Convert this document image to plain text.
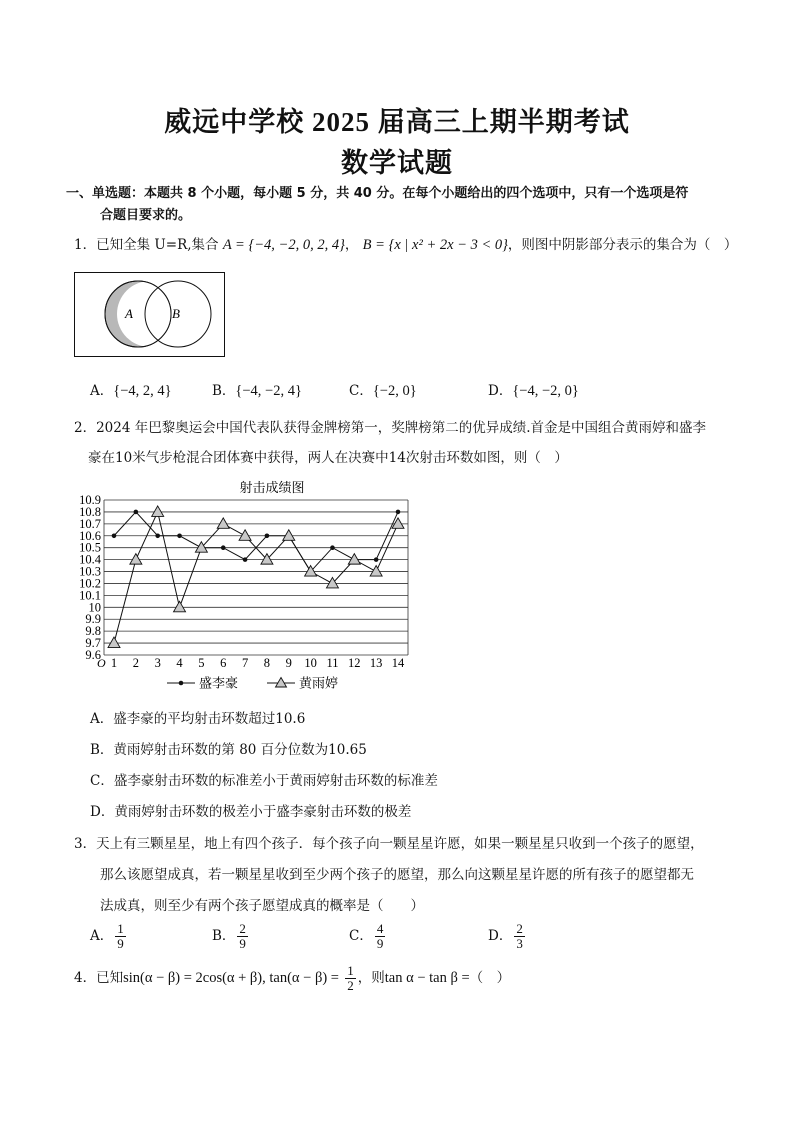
威远中学校 2025 届高三上期半期考试
数学试题
一、单选题：本题共 8 个小题，每小题 5 分，共 40 分。在每个小题给出的四个选项中，只有一个选项是符
合题目要求的。
1．已知全集 U=R,集合 A = {−4, −2, 0, 2, 4}， B = {x | x² + 2x − 3 < 0}，则图中阴影部分表示的集合为（　）
A	B
A．{−4, 2, 4}	B．{−4, −2, 4}	C．{−2, 0}	D．{−4, −2, 0}
2．2024 年巴黎奥运会中国代表队获得金牌榜第一，奖牌榜第二的优异成绩.首金是中国组合黄雨婷和盛李
豪在10米气步枪混合团体赛中获得，两人在决赛中14次射击环数如图，则（　）
射击成绩图
9.6
9.7
9.8
9.9
10
10.1
10.2
10.3
10.4
10.5
10.6
10.7
10.8
10.9
1 2 3 4 5 6 7 8 9 10 11 12 13 14
O
盛李豪	黄雨婷
A．盛李豪的平均射击环数超过10.6
B．黄雨婷射击环数的第 80 百分位数为10.65
C．盛李豪射击环数的标准差小于黄雨婷射击环数的标准差
D．黄雨婷射击环数的极差小于盛李豪射击环数的极差
3．天上有三颗星星，地上有四个孩子．每个孩子向一颗星星许愿，如果一颗星星只收到一个孩子的愿望，
那么该愿望成真，若一颗星星收到至少两个孩子的愿望，那么向这颗星星许愿的所有孩子的愿望都无
法成真，则至少有两个孩子愿望成真的概率是（　　）
A． $\frac{1}{9}$	B． $\frac{2}{9}$	C． $\frac{4}{9}$	D． $\frac{2}{3}$
4．已知sin(α − β) = 2cos(α + β), $\tan(\alpha - \beta) = \frac{1}{2}$ ，则tan α − tan β =（　）
